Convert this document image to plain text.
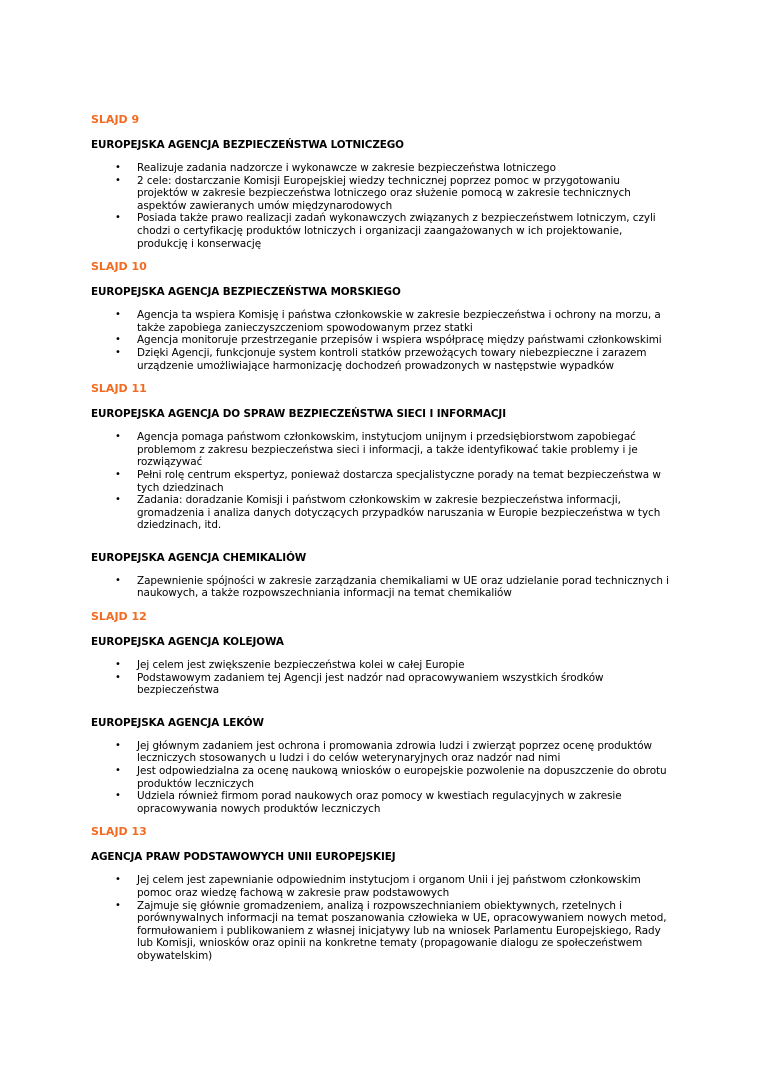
SLAJD 9

EUROPEJSKA AGENCJA BEZPIECZEŃSTWA LOTNICZEGO

• Realizuje zadania nadzorcze i wykonawcze w zakresie bezpieczeństwa lotniczego
• 2 cele: dostarczanie Komisji Europejskiej wiedzy technicznej poprzez pomoc w przygotowaniu
projektów w zakresie bezpieczeństwa lotniczego oraz służenie pomocą w zakresie technicznych
aspektów zawieranych umów międzynarodowych
• Posiada także prawo realizacji zadań wykonawczych związanych z bezpieczeństwem lotniczym, czyli
chodzi o certyfikację produktów lotniczych i organizacji zaangażowanych w ich projektowanie,
produkcję i konserwację

SLAJD 10

EUROPEJSKA AGENCJA BEZPIECZEŃSTWA MORSKIEGO

• Agencja ta wspiera Komisję i państwa członkowskie w zakresie bezpieczeństwa i ochrony na morzu, a
także zapobiega zanieczyszczeniom spowodowanym przez statki
• Agencja monitoruje przestrzeganie przepisów i wspiera współpracę między państwami członkowskimi
• Dzięki Agencji, funkcjonuje system kontroli statków przewożących towary niebezpieczne i zarazem
urządzenie umożliwiające harmonizację dochodzeń prowadzonych w następstwie wypadków

SLAJD 11

EUROPEJSKA AGENCJA DO SPRAW BEZPIECZEŃSTWA SIECI I INFORMACJI

• Agencja pomaga państwom członkowskim, instytucjom unijnym i przedsiębiorstwom zapobiegać
problemom z zakresu bezpieczeństwa sieci i informacji, a także identyfikować takie problemy i je
rozwiązywać
• Pełni rolę centrum ekspertyz, ponieważ dostarcza specjalistyczne porady na temat bezpieczeństwa w
tych dziedzinach
• Zadania: doradzanie Komisji i państwom członkowskim w zakresie bezpieczeństwa informacji,
gromadzenia i analiza danych dotyczących przypadków naruszania w Europie bezpieczeństwa w tych
dziedzinach, itd.

EUROPEJSKA AGENCJA CHEMIKALIÓW

• Zapewnienie spójności w zakresie zarządzania chemikaliami w UE oraz udzielanie porad technicznych i
naukowych, a także rozpowszechniania informacji na temat chemikaliów

SLAJD 12

EUROPEJSKA AGENCJA KOLEJOWA

• Jej celem jest zwiększenie bezpieczeństwa kolei w całej Europie
• Podstawowym zadaniem tej Agencji jest nadzór nad opracowywaniem wszystkich środków
bezpieczeństwa

EUROPEJSKA AGENCJA LEKÓW

• Jej głównym zadaniem jest ochrona i promowania zdrowia ludzi i zwierząt poprzez ocenę produktów
leczniczych stosowanych u ludzi i do celów weterynaryjnych oraz nadzór nad nimi
• Jest odpowiedzialna za ocenę naukową wniosków o europejskie pozwolenie na dopuszczenie do obrotu
produktów leczniczych
• Udziela również firmom porad naukowych oraz pomocy w kwestiach regulacyjnych w zakresie
opracowywania nowych produktów leczniczych

SLAJD 13

AGENCJA PRAW PODSTAWOWYCH UNII EUROPEJSKIEJ

• Jej celem jest zapewnianie odpowiednim instytucjom i organom Unii i jej państwom członkowskim
pomoc oraz wiedzę fachową w zakresie praw podstawowych
• Zajmuje się głównie gromadzeniem, analizą i rozpowszechnianiem obiektywnych, rzetelnych i
porównywalnych informacji na temat poszanowania człowieka w UE, opracowywaniem nowych metod,
formułowaniem i publikowaniem z własnej inicjatywy lub na wniosek Parlamentu Europejskiego, Rady
lub Komisji, wniosków oraz opinii na konkretne tematy (propagowanie dialogu ze społeczeństwem
obywatelskim)
